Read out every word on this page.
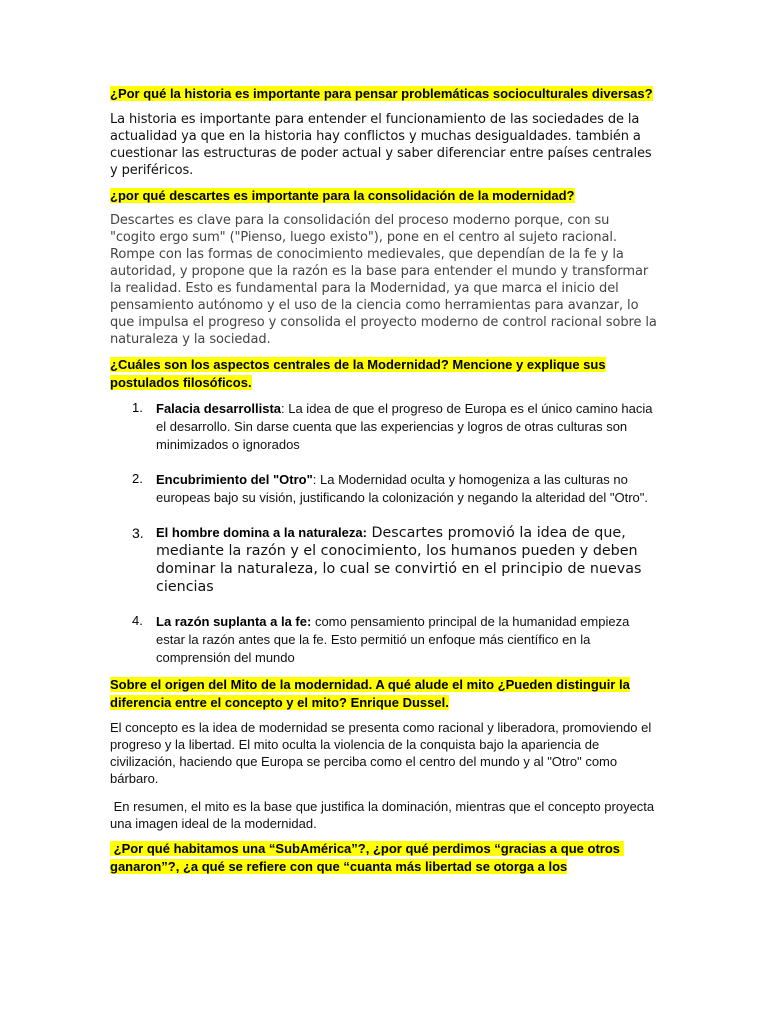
¿Por qué la historia es importante para pensar problemáticas socioculturales diversas?

La historia es importante para entender el funcionamiento de las sociedades de la actualidad ya que en la historia hay conflictos y muchas desigualdades. también a cuestionar las estructuras de poder actual y saber diferenciar entre países centrales y periféricos.

¿por qué descartes es importante para la consolidación de la modernidad?

Descartes es clave para la consolidación del proceso moderno porque, con su "cogito ergo sum" ("Pienso, luego existo"), pone en el centro al sujeto racional. Rompe con las formas de conocimiento medievales, que dependían de la fe y la autoridad, y propone que la razón es la base para entender el mundo y transformar la realidad. Esto es fundamental para la Modernidad, ya que marca el inicio del pensamiento autónomo y el uso de la ciencia como herramientas para avanzar, lo que impulsa el progreso y consolida el proyecto moderno de control racional sobre la naturaleza y la sociedad.

¿Cuáles son los aspectos centrales de la Modernidad? Mencione y explique sus postulados filosóficos.

1. Falacia desarrollista: La idea de que el progreso de Europa es el único camino hacia el desarrollo. Sin darse cuenta que las experiencias y logros de otras culturas son minimizados o ignorados
2. Encubrimiento del "Otro": La Modernidad oculta y homogeniza a las culturas no europeas bajo su visión, justificando la colonización y negando la alteridad del "Otro".
3. El hombre domina a la naturaleza: Descartes promovió la idea de que, mediante la razón y el conocimiento, los humanos pueden y deben dominar la naturaleza, lo cual se convirtió en el principio de nuevas ciencias
4. La razón suplanta a la fe: como pensamiento principal de la humanidad empieza estar la razón antes que la fe. Esto permitió un enfoque más científico en la comprensión del mundo

Sobre el origen del Mito de la modernidad. A qué alude el mito ¿Pueden distinguir la diferencia entre el concepto y el mito? Enrique Dussel.

El concepto es la idea de modernidad se presenta como racional y liberadora, promoviendo el progreso y la libertad. El mito oculta la violencia de la conquista bajo la apariencia de civilización, haciendo que Europa se perciba como el centro del mundo y al "Otro" como bárbaro.

En resumen, el mito es la base que justifica la dominación, mientras que el concepto proyecta una imagen ideal de la modernidad.

¿Por qué habitamos una “SubAmérica”?, ¿por qué perdimos “gracias a que otros ganaron”?, ¿a qué se refiere con que “cuanta más libertad se otorga a los
